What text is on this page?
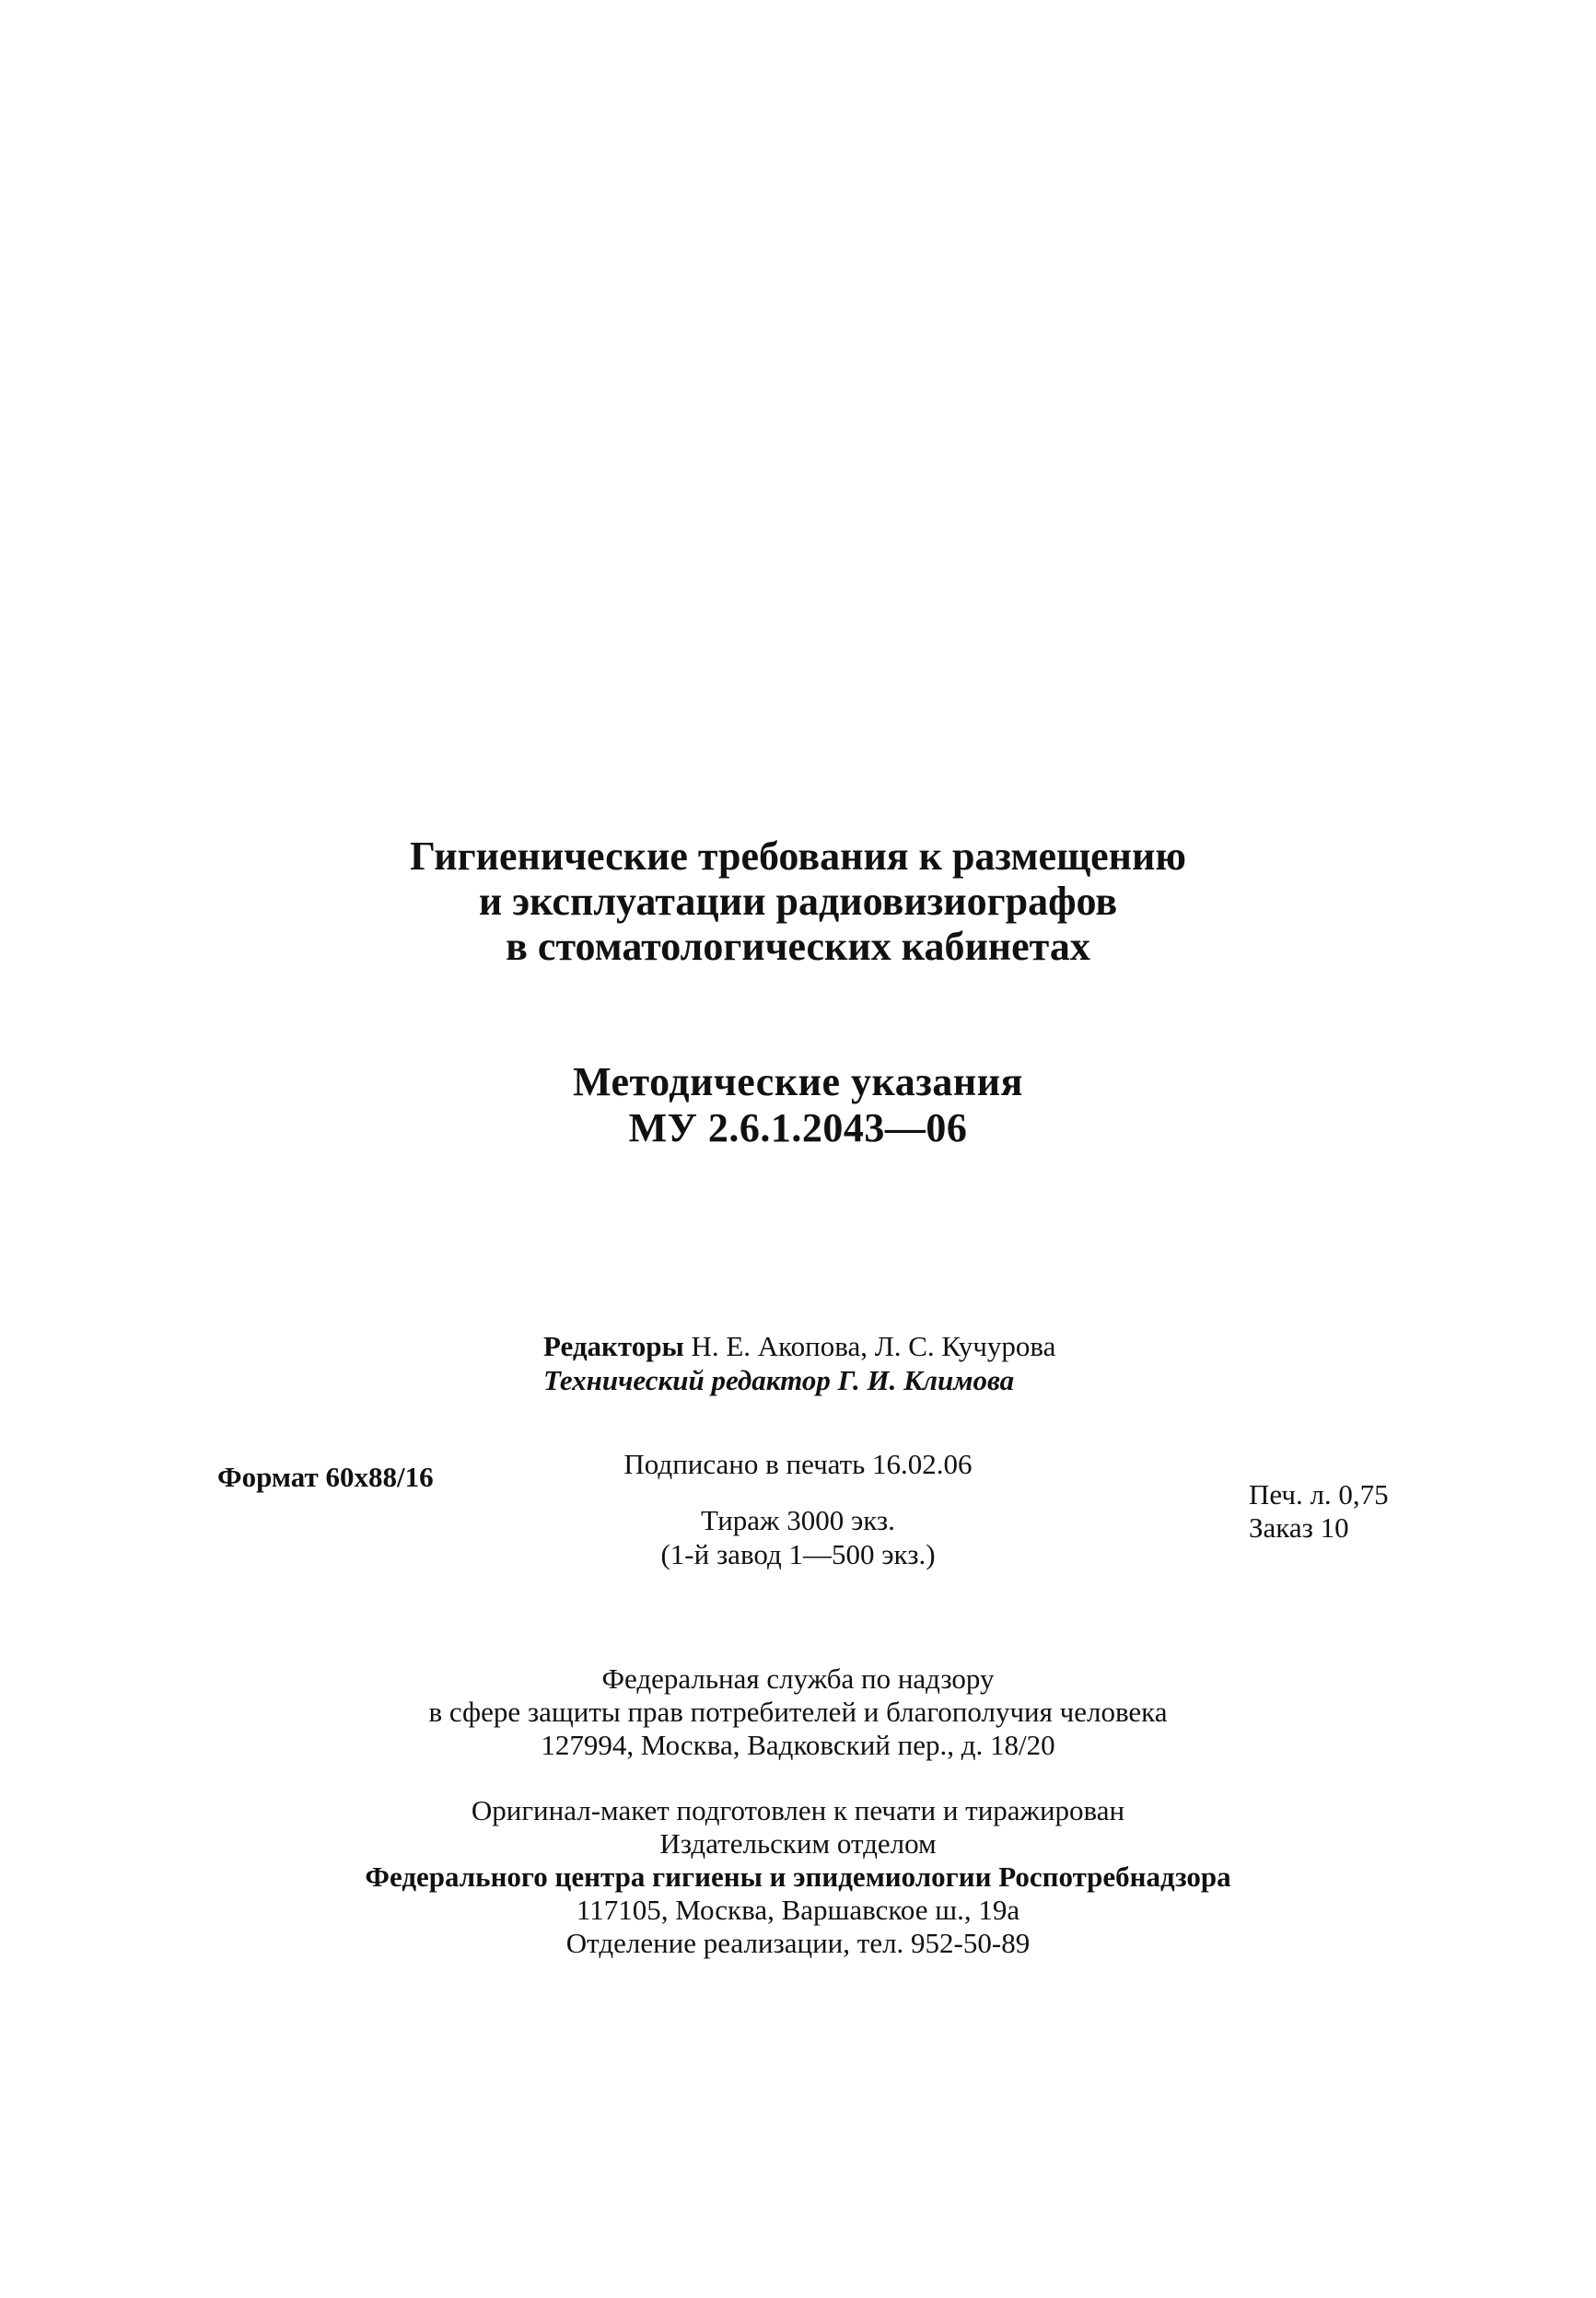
Гигиенические требования к размещению
и эксплуатации радиовизиографов
в стоматологических кабинетах
Методические указания
МУ 2.6.1.2043—06
Редакторы Н. Е. Акопова, Л. С. Кучурова
Технический редактор Г. И. Климова
Подписано в печать 16.02.06
Формат 60х88/16
Тираж 3000 экз.
(1-й завод 1—500 экз.)
Печ. л. 0,75
Заказ 10
Федеральная служба по надзору
в сфере защиты прав потребителей и благополучия человека
127994, Москва, Вадковский пер., д. 18/20
Оригинал-макет подготовлен к печати и тиражирован
Издательским отделом
Федерального центра гигиены и эпидемиологии Роспотребнадзора
117105, Москва, Варшавское ш., 19а
Отделение реализации, тел. 952-50-89
